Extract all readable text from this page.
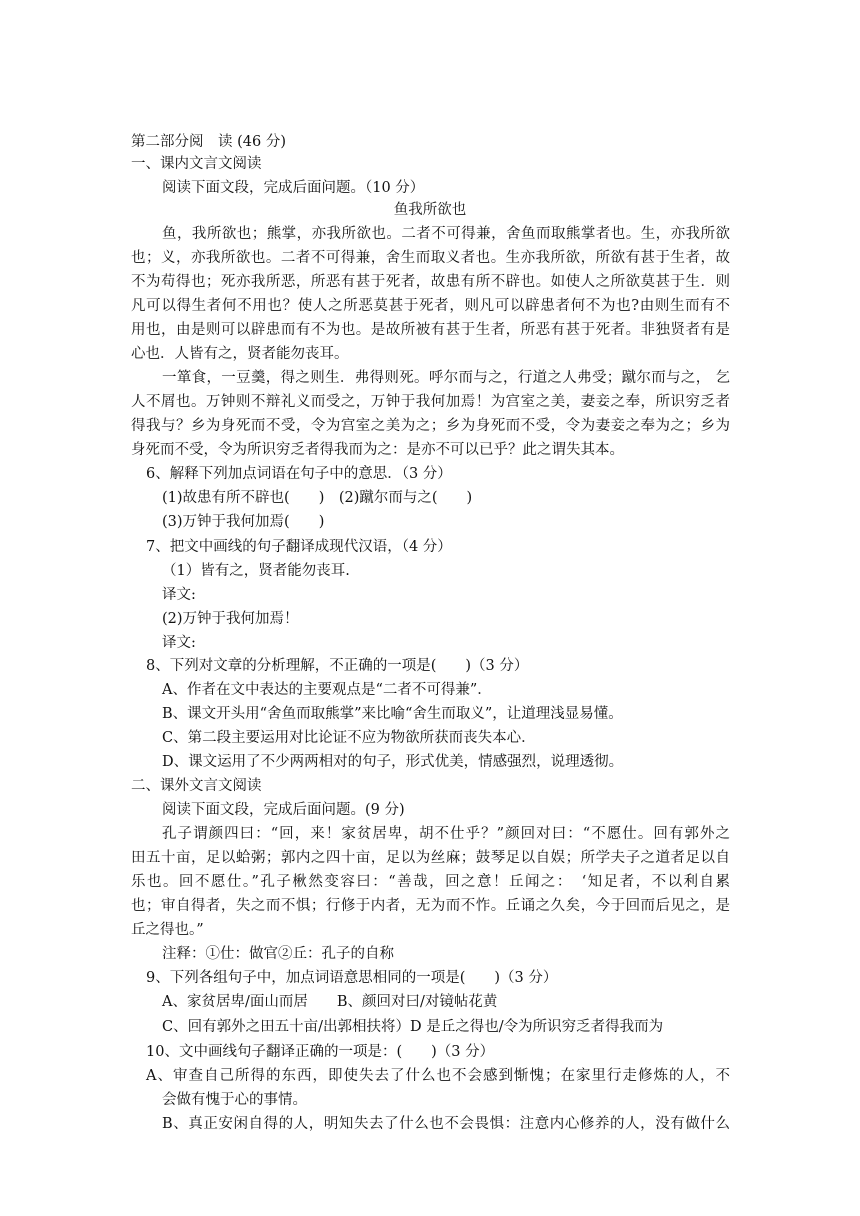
第二部分阅　读 (46 分)
一、课内文言文阅读
阅读下面文段，完成后面问题。（10 分）
鱼我所欲也
鱼，我所欲也；熊掌，亦我所欲也。二者不可得兼，舍鱼而取熊掌者也。生，亦我所欲
也；义，亦我所欲也。二者不可得兼，舍生而取义者也。生亦我所欲，所欲有甚于生者，故
不为苟得也；死亦我所恶，所恶有甚于死者，故患有所不辟也。如使人之所欲莫甚于生．则
凡可以得生者何不用也？使人之所恶莫甚于死者，则凡可以辟患者何不为也?由则生而有不
用也，由是则可以辟患而有不为也。是故所被有甚于生者，所恶有甚于死者。非独贤者有是
心也．人皆有之，贤者能勿丧耳。
一箪食，一豆羹，得之则生．弗得则死。呼尔而与之，行道之人弗受；蹴尔而与之， 乞
人不屑也。万钟则不辩礼义而受之，万钟于我何加焉！为宫室之美，妻妾之奉，所识穷乏者
得我与？乡为身死而不受，令为宫室之美为之；乡为身死而不受，令为妻妾之奉为之；乡为
身死而不受，令为所识穷乏者得我而为之：是亦不可以已乎？此之谓失其本。
6、解释下列加点词语在句子中的意思．（3 分）
(1)故患有所不辟也(　　)　(2)蹴尔而与之(　　)
(3)万钟于我何加焉(　　)
7、把文中画线的句子翻译成现代汉语，（4 分）
（1）皆有之，贤者能勿丧耳.
译文:
(2)万钟于我何加焉！
译文:
8、下列对文章的分析理解，不正确的一项是(　　)（3 分）
A、作者在文中表达的主要观点是“二者不可得兼”．
B、课文开头用“舍鱼而取熊掌”来比喻“舍生而取义”，让道理浅显易懂。
C、第二段主要运用对比论证不应为物欲所获而丧失本心．
D、课文运用了不少两两相对的句子，形式优美，情感强烈，说理透彻。
二、课外文言文阅读
阅读下面文段，完成后面问题。(9 分)
孔子谓颜四曰：“回，来！家贫居卑，胡不仕乎？”颜回对曰：“不愿仕。回有郭外之
田五十亩，足以蛤粥；郭内之四十亩，足以为丝麻；鼓琴足以自娱；所学夫子之道者足以自
乐也。回不愿仕。”孔子楸然变容曰：“善哉，回之意！丘闻之：　‘知足者，不以利自累
也；审自得者，失之而不惧；行修于内者，无为而不怍。丘诵之久矣，今于回而后见之，是
丘之得也。”
注释：①仕：做官②丘：孔子的自称
9、下列各组句子中，加点词语意思相同的一项是(　　)（3 分）
A、家贫居卑/面山而居　　B、颜回对曰/对镜帖花黄
C、回有郭外之田五十亩/出郭相扶将）D 是丘之得也/令为所识穷乏者得我而为
10、文中画线句子翻译正确的一项是：(　　)（3 分）
A、审查自己所得的东西，即使失去了什么也不会感到惭愧；在家里行走修炼的人，不
会做有愧于心的事情。
B、真正安闲自得的人，明知失去了什么也不会畏惧：注意内心修养的人，没有做什么
